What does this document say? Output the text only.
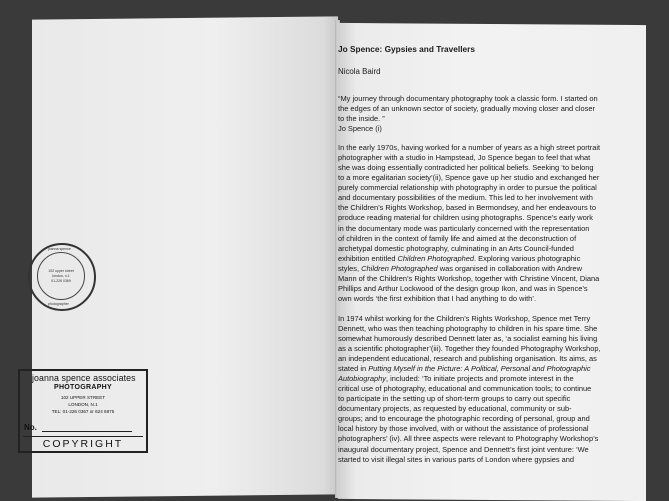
joanna spence
102 upper street
london, n.1
01-226 0369
photographer
joanna spence associates
PHOTOGRAPHY
102 UPPER STREET
LONDON, N.1
TEL: 01-226 0367 or 624 6875
No.
COPYRIGHT

Jo Spence: Gypsies and Travellers

Nicola Baird

“My journey through documentary photography took a classic form. I started on

the edges of an unknown sector of society, gradually moving closer and closer

to the inside. ”

Jo Spence (i)

In the early 1970s, having worked for a number of years as a high street portrait

photographer with a studio in Hampstead, Jo Spence began to feel that what

she was doing essentially contradicted her political beliefs. Seeking ‘to belong

to a more egalitarian society’(ii), Spence gave up her studio and exchanged her

purely commercial relationship with photography in order to pursue the political

and documentary possibilities of the medium. This led to her involvement with

the Children’s Rights Workshop, based in Bermondsey, and her endeavours to

produce reading material for children using photographs. Spence’s early work

in the documentary mode was particularly concerned with the representation

of children in the context of family life and aimed at the deconstruction of

archetypal domestic photography, culminating in an Arts Council-funded

exhibition entitled Children Photographed. Exploring various photographic

styles, Children Photographed was organised in collaboration with Andrew

Mann of the Children’s Rights Workshop, together with Christine Vincent, Diana

Phillips and Arthur Lockwood of the design group Ikon, and was in Spence’s

own words ‘the first exhibition that I had anything to do with’.

In 1974 whilst working for the Children’s Rights Workshop, Spence met Terry

Dennett, who was then teaching photography to children in his spare time. She

somewhat humorously described Dennett later as, ‘a socialist earning his living

as a scientific photographer’(iii). Together they founded Photography Workshop,

an independent educational, research and publishing organisation. Its aims, as

stated in Putting Myself in the Picture: A Political, Personal and Photographic

Autobiography, included: ‘To initiate projects and promote interest in the

critical use of photography, educational and communication tools; to continue

to participate in the setting up of short-term groups to carry out specific

documentary projects, as requested by educational, community or sub-

groups; and to encourage the photographic recording of personal, group and

local history by those involved, with or without the assistance of professional

photographers’ (iv). All three aspects were relevant to Photography Workshop’s

inaugural documentary project, Spence and Dennett’s first joint venture: ‘We

started to visit illegal sites in various parts of London where gypsies and
